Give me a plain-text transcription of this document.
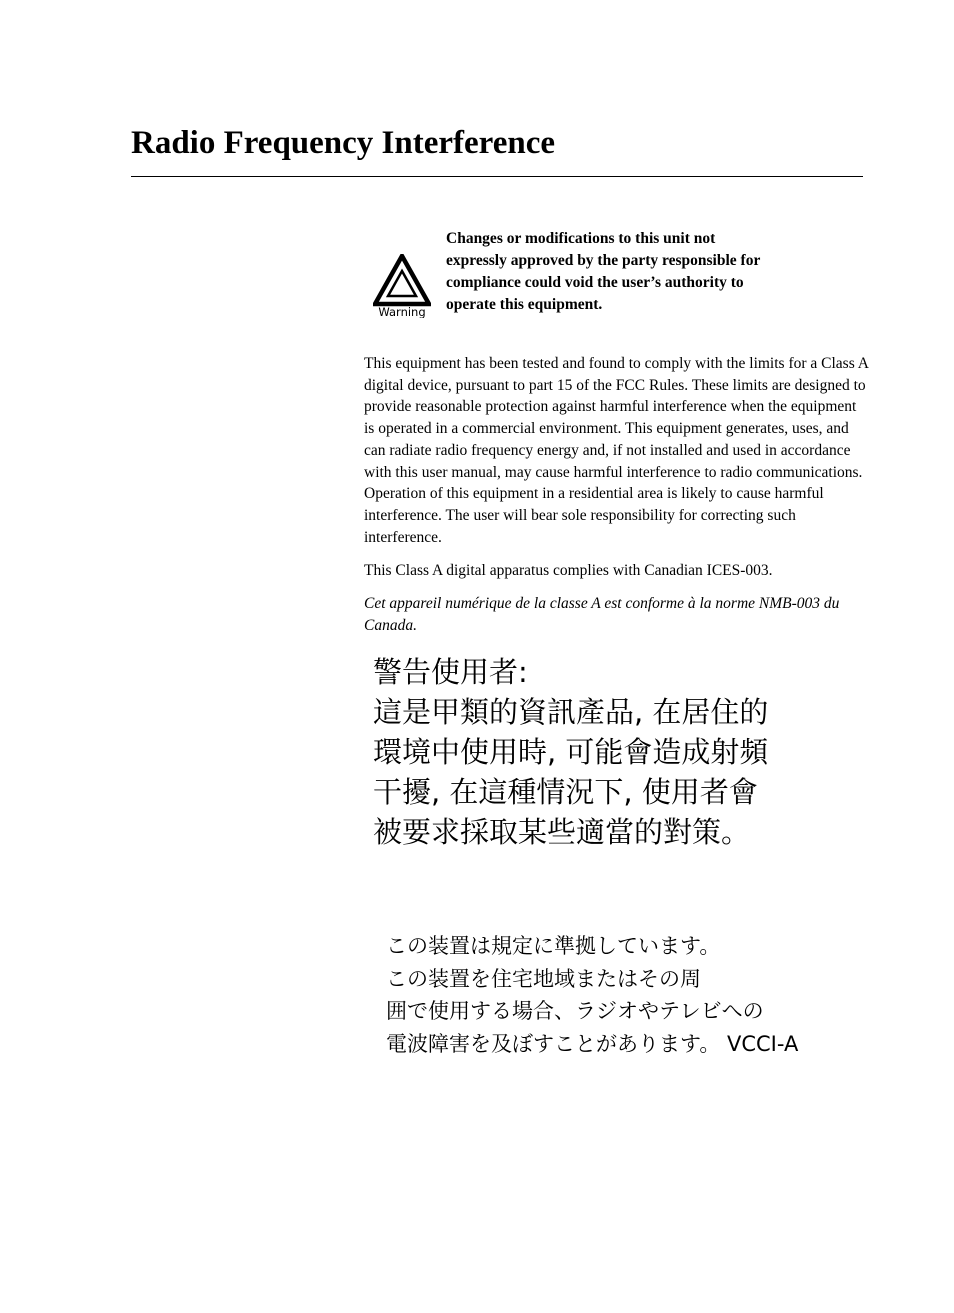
Radio Frequency Interference
Warning

Changes or modifications to this unit not expressly approved by the party responsible for compliance could void the user’s authority to operate this equipment.

This equipment has been tested and found to comply with the limits for a Class A digital device, pursuant to part 15 of the FCC Rules. These limits are designed to provide reasonable protection against harmful interference when the equipment is operated in a commercial environment. This equipment generates, uses, and can radiate radio frequency energy and, if not installed and used in accordance with this user manual, may cause harmful interference to radio communications. Operation of this equipment in a residential area is likely to cause harmful interference. The user will bear sole responsibility for correcting such interference.

This Class A digital apparatus complies with Canadian ICES-003.

Cet appareil numérique de la classe A est conforme à la norme NMB-003 du Canada.

警告使用者:
這是甲類的資訊產品, 在居住的
環境中使用時, 可能會造成射頻
干擾, 在這種情況下, 使用者會
被要求採取某些適當的對策。
この装置は規定に準拠しています。
この装置を住宅地域またはその周
囲で使用する場合、ラジオやテレビへの
電波障害を及ぼすことがあります。 VCCI-A
